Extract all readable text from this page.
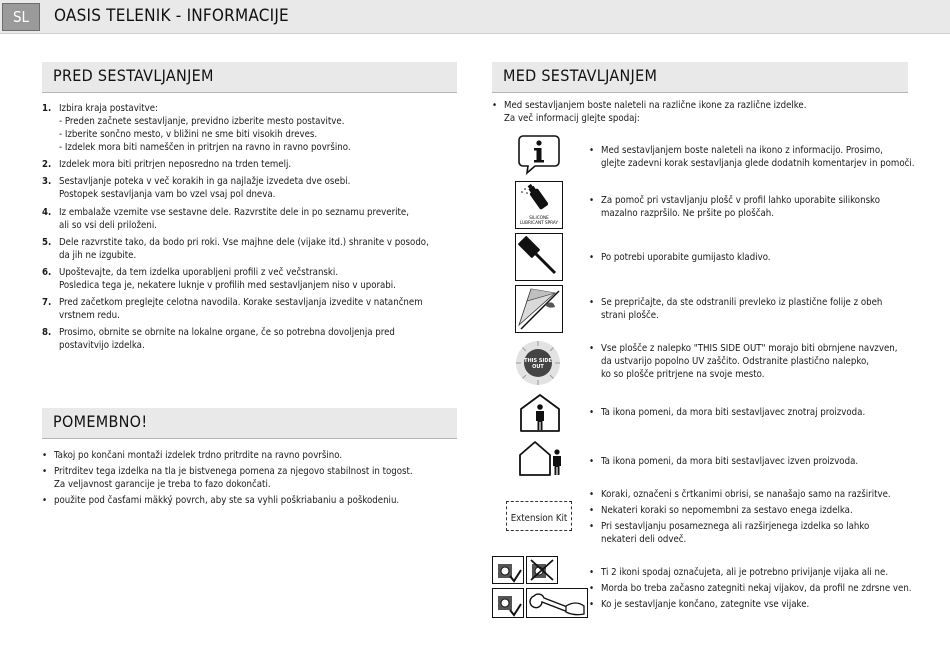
SL	OASIS TELENIK - INFORMACIJE
PRED SESTAVLJANJEM
1. Izbira kraja postavitve:
- Preden začnete sestavljanje, previdno izberite mesto postavitve.
- Izberite sončno mesto, v bližini ne sme biti visokih dreves.
- Izdelek mora biti nameščen in pritrjen na ravno in ravno površino.
2. Izdelek mora biti pritrjen neposredno na trden temelj.
3. Sestavljanje poteka v več korakih in ga najlažje izvedeta dve osebi.
Postopek sestavljanja vam bo vzel vsaj pol dneva.
4. Iz embalaže vzemite vse sestavne dele. Razvrstite dele in po seznamu preverite,
ali so vsi deli priloženi.
5. Dele razvrstite tako, da bodo pri roki. Vse majhne dele (vijake itd.) shranite v posodo,
da jih ne izgubite.
6. Upoštevajte, da tem izdelka uporabljeni profili z več večstranski.
Posledica tega je, nekatere luknje v profilih med sestavljanjem niso v uporabi.
7. Pred začetkom preglejte celotna navodila. Korake sestavljanja izvedite v natančnem
vrstnem redu.
8. Prosimo, obrnite se obrnite na lokalne organe, če so potrebna dovoljenja pred
postavitvijo izdelka.
POMEMBNO!
• Takoj po končani montaži izdelek trdno pritrdite na ravno površino.
• Pritrditev tega izdelka na tla je bistvenega pomena za njegovo stabilnost in togost.
Za veljavnost garancije je treba to fazo dokončati.
• použite pod časťami mäkký povrch, aby ste sa vyhli poškriabaniu a poškodeniu.
MED SESTAVLJANJEM
• Med sestavljanjem boste naleteli na različne ikone za različne izdelke.
Za več informacij glejte spodaj:
• Med sestavljanjem boste naleteli na ikono z informacijo. Prosimo,
glejte zadevni korak sestavljanja glede dodatnih komentarjev in pomoči.
SILICONE
LUBRICANT SPRAY
• Za pomoč pri vstavljanju plošč v profil lahko uporabite silikonsko
mazalno razpršilo. Ne pršite po ploščah.
• Po potrebi uporabite gumijasto kladivo.
• Se prepričajte, da ste odstranili prevleko iz plastične folije z obeh
strani plošče.
THIS SIDE
OUT
• Vse plošče z nalepko "THIS SIDE OUT" morajo biti obrnjene navzven,
da ustvarijo popolno UV zaščito. Odstranite plastično nalepko,
ko so plošče pritrjene na svoje mesto.
• Ta ikona pomeni, da mora biti sestavljavec znotraj proizvoda.
• Ta ikona pomeni, da mora biti sestavljavec izven proizvoda.
Extension Kit
• Koraki, označeni s črtkanimi obrisi, se nanašajo samo na razširitve.
• Nekateri koraki so nepomembni za sestavo enega izdelka.
• Pri sestavljanju posameznega ali razširjenega izdelka so lahko
nekateri deli odveč.
• Ti 2 ikoni spodaj označujeta, ali je potrebno privijanje vijaka ali ne.
• Morda bo treba začasno zategniti nekaj vijakov, da profil ne zdrsne ven.
• Ko je sestavljanje končano, zategnite vse vijake.
